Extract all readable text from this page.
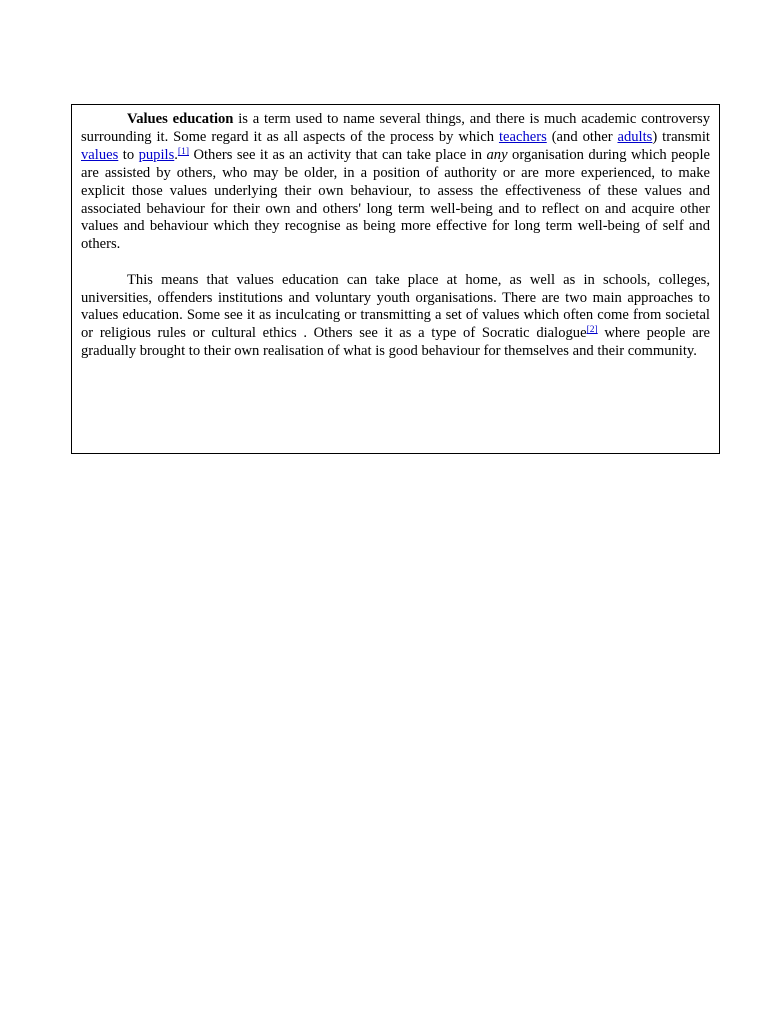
Values education is a term used to name several things, and there is much academic controversy surrounding it. Some regard it as all aspects of the process by which teachers (and other adults) transmit values to pupils.[1] Others see it as an activity that can take place in any organisation during which people are assisted by others, who may be older, in a position of authority or are more experienced, to make explicit those values underlying their own behaviour, to assess the effectiveness of these values and associated behaviour for their own and others' long term well-being and to reflect on and acquire other values and behaviour which they recognise as being more effective for long term well-being of self and others.

This means that values education can take place at home, as well as in schools, colleges, universities, offenders institutions and voluntary youth organisations. There are two main approaches to values education. Some see it as inculcating or transmitting a set of values which often come from societal or religious rules or cultural ethics . Others see it as a type of Socratic dialogue[2] where people are gradually brought to their own realisation of what is good behaviour for themselves and their community.
